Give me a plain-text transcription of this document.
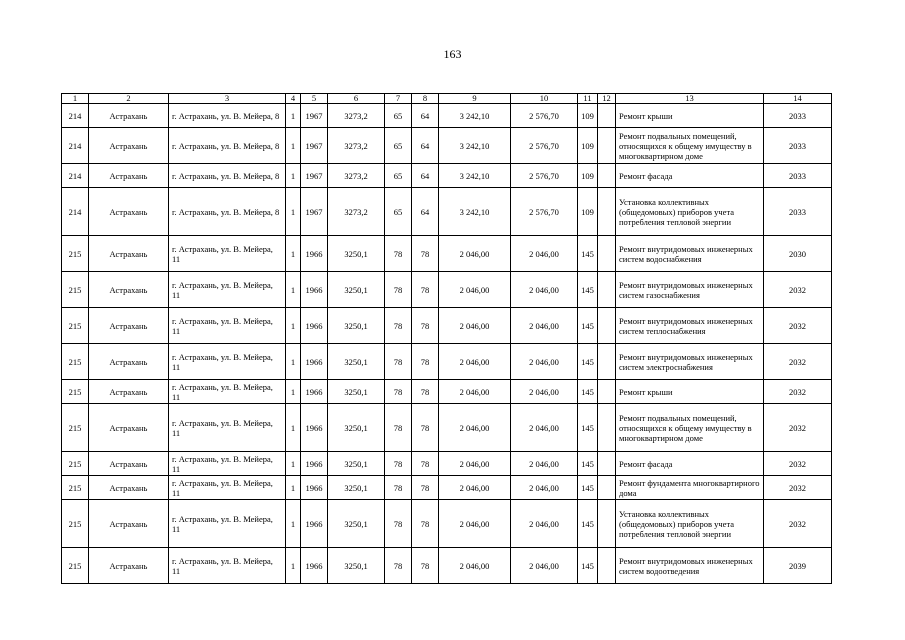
163
1	2	3	4	5	6	7	8	9	10	11	12	13	14
214	Астрахань	г. Астрахань, ул. В. Мейера, 8	1	1967	3273,2	65	64	3 242,10	2 576,70	109		Ремонт крыши	2033
214	Астрахань	г. Астрахань, ул. В. Мейера, 8	1	1967	3273,2	65	64	3 242,10	2 576,70	109		Ремонт подвальных помещений, относящихся к общему имуществу в многоквартирном доме	2033
214	Астрахань	г. Астрахань, ул. В. Мейера, 8	1	1967	3273,2	65	64	3 242,10	2 576,70	109		Ремонт фасада	2033
214	Астрахань	г. Астрахань, ул. В. Мейера, 8	1	1967	3273,2	65	64	3 242,10	2 576,70	109		Установка коллективных (общедомовых) приборов учета потребления тепловой энергии	2033
215	Астрахань	г. Астрахань, ул. В. Мейера, 11	1	1966	3250,1	78	78	2 046,00	2 046,00	145		Ремонт внутридомовых инженерных систем водоснабжения	2030
215	Астрахань	г. Астрахань, ул. В. Мейера, 11	1	1966	3250,1	78	78	2 046,00	2 046,00	145		Ремонт внутридомовых инженерных систем газоснабжения	2032
215	Астрахань	г. Астрахань, ул. В. Мейера, 11	1	1966	3250,1	78	78	2 046,00	2 046,00	145		Ремонт внутридомовых инженерных систем теплоснабжения	2032
215	Астрахань	г. Астрахань, ул. В. Мейера, 11	1	1966	3250,1	78	78	2 046,00	2 046,00	145		Ремонт внутридомовых инженерных систем электроснабжения	2032
215	Астрахань	г. Астрахань, ул. В. Мейера, 11	1	1966	3250,1	78	78	2 046,00	2 046,00	145		Ремонт крыши	2032
215	Астрахань	г. Астрахань, ул. В. Мейера, 11	1	1966	3250,1	78	78	2 046,00	2 046,00	145		Ремонт подвальных помещений, относящихся к общему имуществу в многоквартирном доме	2032
215	Астрахань	г. Астрахань, ул. В. Мейера, 11	1	1966	3250,1	78	78	2 046,00	2 046,00	145		Ремонт фасада	2032
215	Астрахань	г. Астрахань, ул. В. Мейера, 11	1	1966	3250,1	78	78	2 046,00	2 046,00	145		Ремонт фундамента многоквартирного дома	2032
215	Астрахань	г. Астрахань, ул. В. Мейера, 11	1	1966	3250,1	78	78	2 046,00	2 046,00	145		Установка коллективных (общедомовых) приборов учета потребления тепловой энергии	2032
215	Астрахань	г. Астрахань, ул. В. Мейера, 11	1	1966	3250,1	78	78	2 046,00	2 046,00	145		Ремонт внутридомовых инженерных систем водоотведения	2039
